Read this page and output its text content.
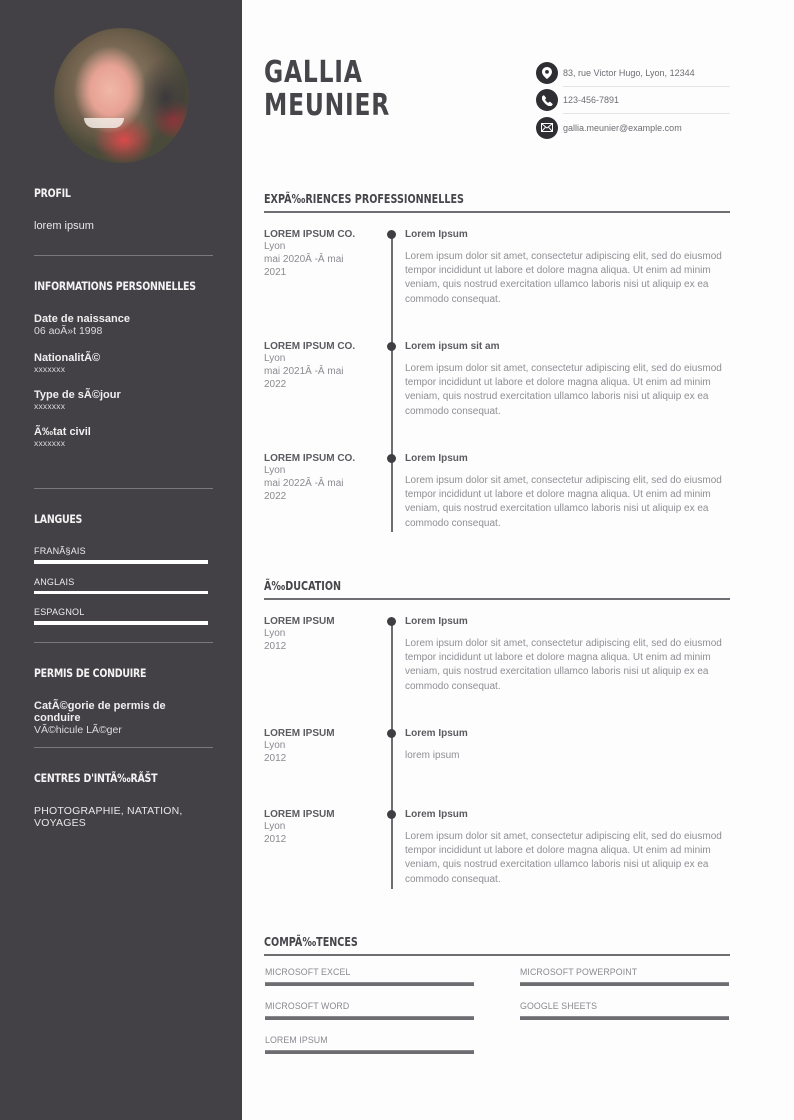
PROFIL
lorem ipsum
INFORMATIONS PERSONNELLES
Date de naissance
06 aoÃ»t 1998
NationalitÃ©
xxxxxxx
Type de sÃ©jour
xxxxxxx
Ã‰tat civil
xxxxxxx
LANGUES
FRANÃ§AIS
ANGLAIS
ESPAGNOL
PERMIS DE CONDUIRE
CatÃ©gorie de permis de conduire
VÃ©hicule LÃ©ger
CENTRES D'INTÃ‰RÃŠT
PHOTOGRAPHIE, NATATION,
VOYAGES
GALLIA
MEUNIER
83, rue Victor Hugo, Lyon, 12344
123-456-7891
gallia.meunier@example.com
EXPÃ‰RIENCES PROFESSIONNELLES
LOREM IPSUM CO.
Lyon
mai 2020Â -Â mai
2021
Lorem Ipsum
Lorem ipsum dolor sit amet, consectetur adipiscing elit, sed do eiusmod tempor incididunt ut labore et dolore magna aliqua. Ut enim ad minim veniam, quis nostrud exercitation ullamco laboris nisi ut aliquip ex ea commodo consequat.
LOREM IPSUM CO.
Lyon
mai 2021Â -Â mai
2022
Lorem ipsum sit am
Lorem ipsum dolor sit amet, consectetur adipiscing elit, sed do eiusmod tempor incididunt ut labore et dolore magna aliqua. Ut enim ad minim veniam, quis nostrud exercitation ullamco laboris nisi ut aliquip ex ea commodo consequat.
LOREM IPSUM CO.
Lyon
mai 2022Â -Â mai
2022
Lorem Ipsum
Lorem ipsum dolor sit amet, consectetur adipiscing elit, sed do eiusmod tempor incididunt ut labore et dolore magna aliqua. Ut enim ad minim veniam, quis nostrud exercitation ullamco laboris nisi ut aliquip ex ea commodo consequat.
Ã‰DUCATION
LOREM IPSUM
Lyon
2012
Lorem Ipsum
Lorem ipsum dolor sit amet, consectetur adipiscing elit, sed do eiusmod tempor incididunt ut labore et dolore magna aliqua. Ut enim ad minim veniam, quis nostrud exercitation ullamco laboris nisi ut aliquip ex ea commodo consequat.
LOREM IPSUM
Lyon
2012
Lorem Ipsum
lorem ipsum
LOREM IPSUM
Lyon
2012
Lorem Ipsum
Lorem ipsum dolor sit amet, consectetur adipiscing elit, sed do eiusmod tempor incididunt ut labore et dolore magna aliqua. Ut enim ad minim veniam, quis nostrud exercitation ullamco laboris nisi ut aliquip ex ea commodo consequat.
COMPÃ‰TENCES
MICROSOFT EXCEL	MICROSOFT POWERPOINT
MICROSOFT WORD	GOOGLE SHEETS
LOREM IPSUM
